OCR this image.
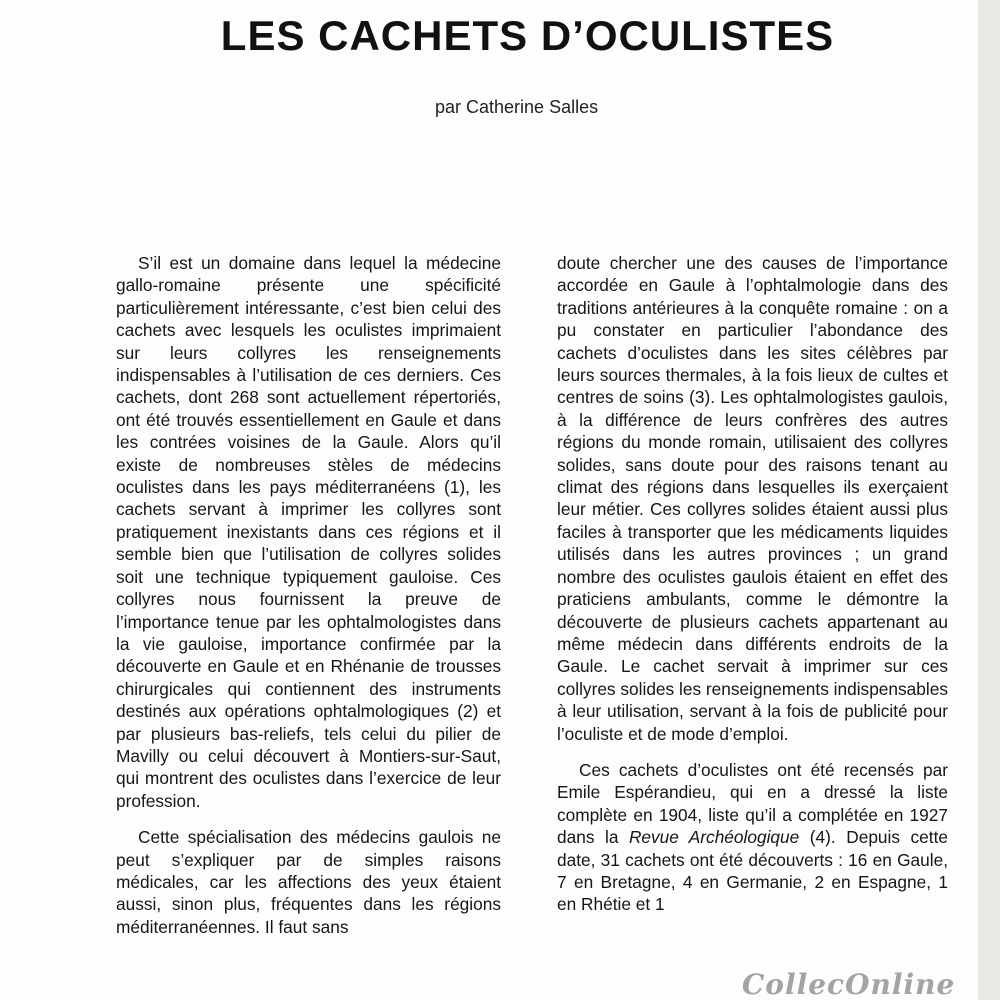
LES CACHETS D’OCULISTES

par Catherine Salles

S’il est un domaine dans lequel la médecine gallo-romaine présente une spécificité particulièrement intéressante, c’est bien celui des cachets avec lesquels les oculistes imprimaient sur leurs collyres les renseignements indispensables à l’utilisation de ces derniers. Ces cachets, dont 268 sont actuellement répertoriés, ont été trouvés essentiellement en Gaule et dans les contrées voisines de la Gaule. Alors qu’il existe de nombreuses stèles de médecins oculistes dans les pays méditerranéens (1), les cachets servant à imprimer les collyres sont pratiquement inexistants dans ces régions et il semble bien que l’utilisation de collyres solides soit une technique typiquement gauloise. Ces collyres nous fournissent la preuve de l’importance tenue par les ophtalmologistes dans la vie gauloise, importance confirmée par la découverte en Gaule et en Rhénanie de trousses chirurgicales qui contiennent des instruments destinés aux opérations ophtalmologiques (2) et par plusieurs bas-reliefs, tels celui du pilier de Mavilly ou celui découvert à Montiers-sur-Saut, qui montrent des oculistes dans l’exercice de leur profession.

Cette spécialisation des médecins gaulois ne peut s’expliquer par de simples raisons médicales, car les affections des yeux étaient aussi, sinon plus, fréquentes dans les régions méditerranéennes. Il faut sans

doute chercher une des causes de l’importance accordée en Gaule à l’ophtalmologie dans des traditions antérieures à la conquête romaine : on a pu constater en particulier l’abondance des cachets d’oculistes dans les sites célèbres par leurs sources thermales, à la fois lieux de cultes et centres de soins (3). Les ophtalmologistes gaulois, à la différence de leurs confrères des autres régions du monde romain, utilisaient des collyres solides, sans doute pour des raisons tenant au climat des régions dans lesquelles ils exerçaient leur métier. Ces collyres solides étaient aussi plus faciles à transporter que les médicaments liquides utilisés dans les autres provinces ; un grand nombre des oculistes gaulois étaient en effet des praticiens ambulants, comme le démontre la découverte de plusieurs cachets appartenant au même médecin dans différents endroits de la Gaule. Le cachet servait à imprimer sur ces collyres solides les renseignements indispensables à leur utilisation, servant à la fois de publicité pour l’oculiste et de mode d’emploi.

Ces cachets d’oculistes ont été recensés par Emile Espérandieu, qui en a dressé la liste complète en 1904, liste qu’il a complétée en 1927 dans la Revue Archéologique (4). Depuis cette date, 31 cachets ont été découverts : 16 en Gaule, 7 en Bretagne, 4 en Germanie, 2 en Espagne, 1 en Rhétie et 1

CollecOnline
